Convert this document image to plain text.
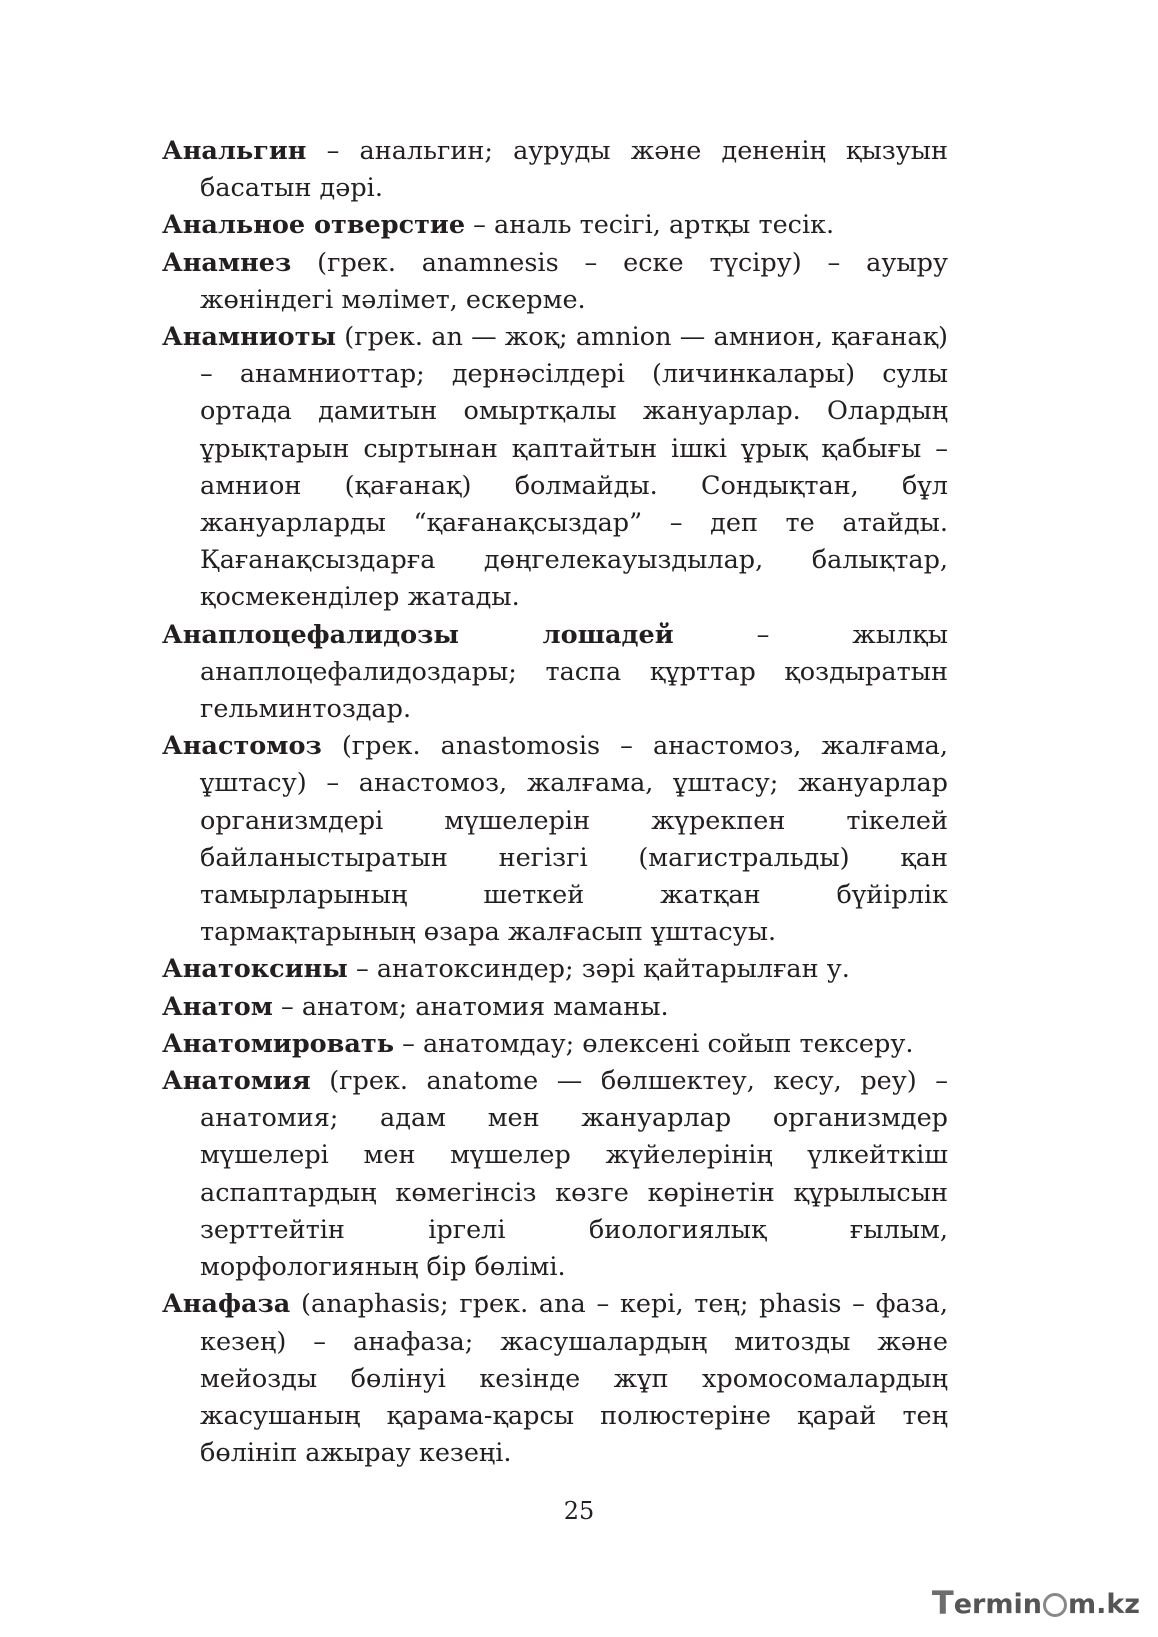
Анальгин – анальгин; ауруды және дененің қызуын басатын дәрі.

Анальное отверстие – аналь тесігі, артқы тесік.

Анамнез (грек. anamnesis – еске түсіру) – ауыру жөніндегі мәлімет, ескерме.

Анамниоты (грек. an — жоқ; amnion — амнион, қағанақ) – анамниоттар; дернәсілдері (личинкалары) сулы ортада дамитын омыртқалы жануарлар. Олардың ұрықтарын сыртынан қаптайтын ішкі ұрық қабығы – амнион (қағанақ) болмайды. Сондықтан, бұл жануарларды “қағанақсыздар” – деп те атайды. Қағанақсыздарға дөңгелекауыздылар, балықтар, қосмекенділер жатады.

Анаплоцефалидозы лошадей – жылқы анаплоцефалидоздары; таспа құрттар қоздыратын гельминтоздар.

Анастомоз (грек. anastomosis – анастомоз, жалғама, ұштасу) – анастомоз, жалғама, ұштасу; жануарлар организмдері мүшелерін жүрекпен тікелей байланыстыратын негізгі (магистральды) қан тамырларының шеткей жатқан бүйірлік тармақтарының өзара жалғасып ұштасуы.

Анатоксины – анатоксиндер; зәрі қайтарылған у.

Анатом – анатом; анатомия маманы.

Анатомировать – анатомдау; өлексені сойып тексеру.

Анатомия (грек. anatome — бөлшектеу, кесу, реу) – анатомия; адам мен жануарлар организмдер мүшелері мен мүшелер жүйелерінің үлкейткіш аспаптардың көмегінсіз көзге көрінетін құрылысын зерттейтін іргелі биологиялық ғылым, морфологияның бір бөлімі.

Анафаза (anaphasis; грек. ana – кері, тең; phasis – фаза, кезең) – анафаза; жасушалардың митозды және мейозды бөлінуі кезінде жұп хромосомалардың жасушаның қарама-қарсы полюстеріне қарай тең бөлініп ажырау кезеңі.

25
T ermin m.kz
